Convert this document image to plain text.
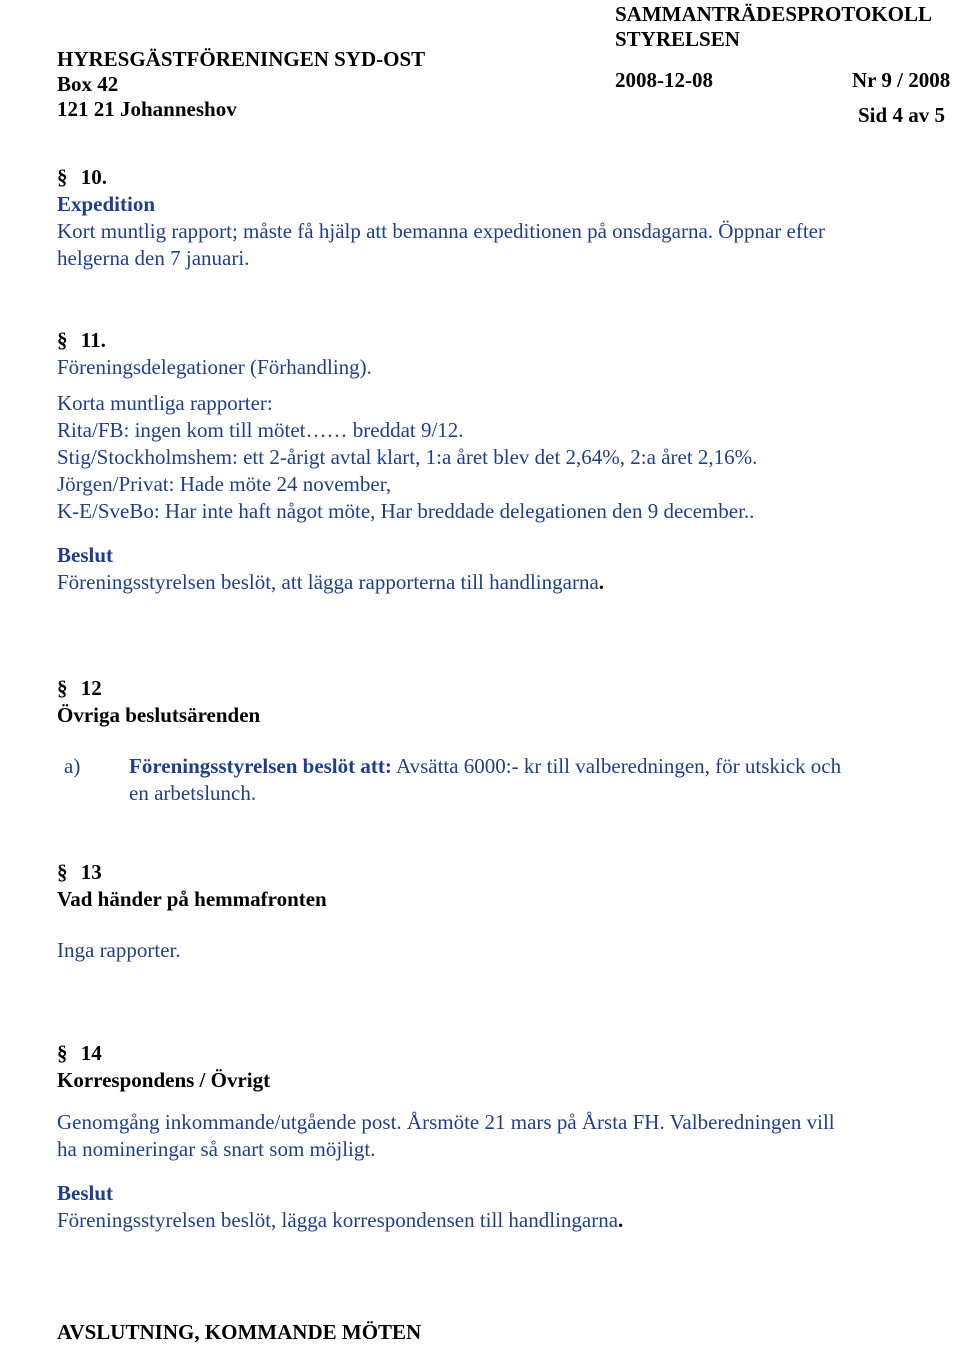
HYRESGÄSTFÖRENINGEN SYD-OST
Box 42
121 21 Johanneshov
SAMMANTRÄDESPROTOKOLL
STYRELSEN
2008-12-08	Nr 9 / 2008
Sid 4 av 5
§ 10.
Expedition
Kort muntlig rapport; måste få hjälp att bemanna expeditionen på onsdagarna. Öppnar efter
helgerna den 7 januari.
§ 11.
Föreningsdelegationer (Förhandling).
Korta muntliga rapporter:
Rita/FB: ingen kom till mötet…… breddat 9/12.
Stig/Stockholmshem: ett 2-årigt avtal klart, 1:a året blev det 2,64%, 2:a året 2,16%.
Jörgen/Privat: Hade möte 24 november,
K-E/SveBo: Har inte haft något möte, Har breddade delegationen den 9 december..
Beslut
Föreningsstyrelsen beslöt, att lägga rapporterna till handlingarna.
§ 12
Övriga beslutsärenden
a) Föreningsstyrelsen beslöt att: Avsätta 6000:- kr till valberedningen, för utskick och
en arbetslunch.
§ 13
Vad händer på hemmafronten
Inga rapporter.
§ 14
Korrespondens / Övrigt
Genomgång inkommande/utgående post. Årsmöte 21 mars på Årsta FH. Valberedningen vill
ha nomineringar så snart som möjligt.
Beslut
Föreningsstyrelsen beslöt, lägga korrespondensen till handlingarna.
AVSLUTNING, KOMMANDE MÖTEN
